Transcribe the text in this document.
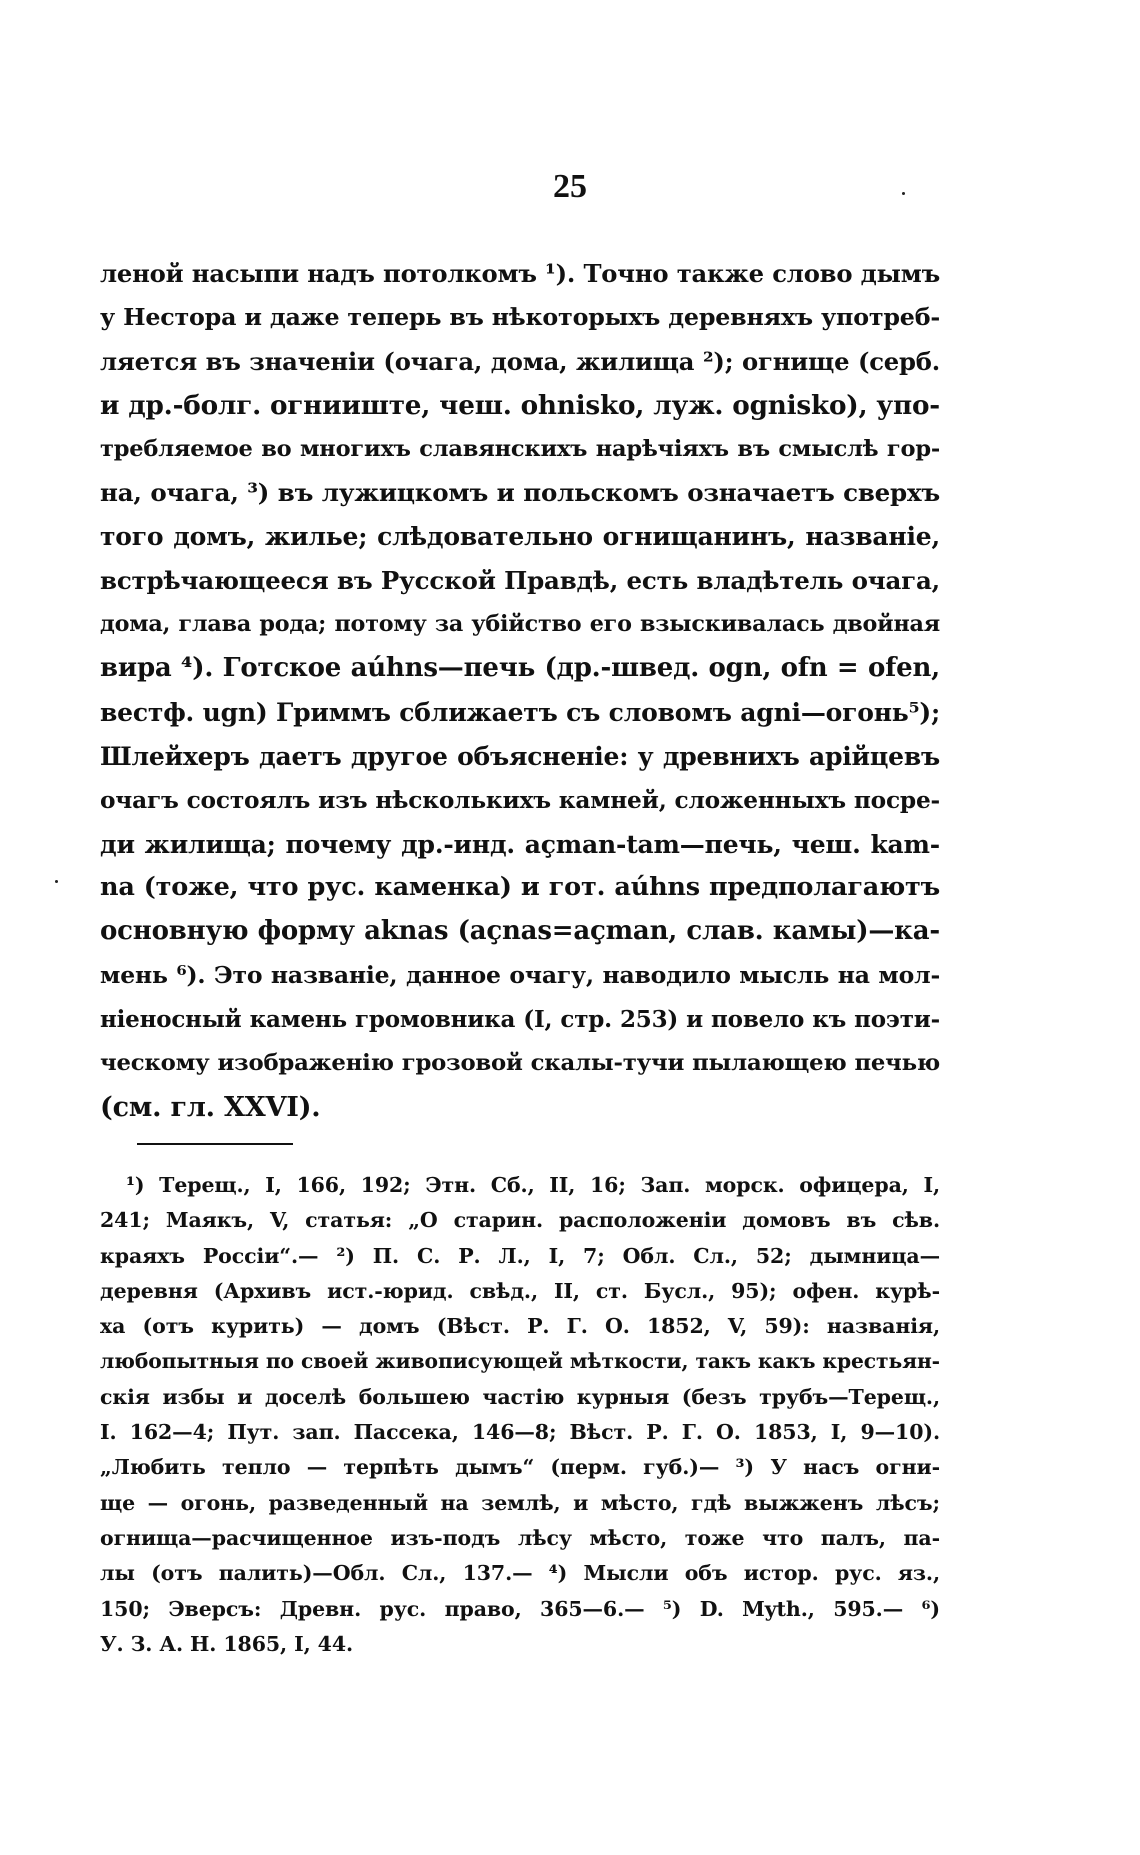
25
леной насыпи надъ потолкомъ ¹). Точно также слово дымъ
у Нестора и даже теперь въ нѣкоторыхъ деревняхъ употреб-
ляется въ значеніи (очага, дома, жилища ²); огнище (серб.
и др.-болг. огнииште, чеш. ohnisko, луж. ognisko), упо-
требляемое во многихъ славянскихъ нарѣчіяхъ въ смыслѣ гор-
на, очага, ³) въ лужицкомъ и польскомъ означаетъ сверхъ
того домъ, жилье; слѣдовательно огнищанинъ, названіе,
встрѣчающееся въ Русской Правдѣ, есть владѣтель очага,
дома, глава рода; потому за убійство его взыскивалась двойная
вира ⁴). Готское aúhns—печь (др.-швед. ogn, ofn = ofen,
вестф. ugn) Гриммъ сближаетъ съ словомъ agni—огонь⁵);
Шлейхеръ даетъ другое объясненіе: у древнихъ арійцевъ
очагъ состоялъ изъ нѣсколькихъ камней, сложенныхъ посре-
ди жилища; почему др.-инд. açman-tam—печь, чеш. kam-
na (тоже, что рус. каменка) и гот. aúhns предполагаютъ
основную форму aknas (açnas=açman, слав. камы)—ка-
мень ⁶). Это названіе, данное очагу, наводило мысль на мол-
ніеносный камень громовника (I, стр. 253) и повело къ поэти-
ческому изображенію грозовой скалы-тучи пылающею печью
(см. гл. XXVI).
¹) Терещ., I, 166, 192; Этн. Сб., II, 16; Зап. морск. офицера, I,
241; Маякъ, V, статья: „О старин. расположеніи домовъ въ сѣв.
краяхъ Россіи“.— ²) П. С. Р. Л., I, 7; Обл. Сл., 52; дымница—
деревня (Архивъ ист.-юрид. свѣд., II, ст. Бусл., 95); офен. курѣ-
ха (отъ курить) — домъ (Вѣст. Р. Г. О. 1852, V, 59): названія,
любопытныя по своей живописующей мѣткости, такъ какъ крестьян-
скія избы и доселѣ большею частію курныя (безъ трубъ—Терещ.,
I. 162—4; Пут. зап. Пассека, 146—8; Вѣст. Р. Г. О. 1853, I, 9—10).
„Любить тепло — терпѣть дымъ“ (перм. губ.)— ³) У насъ огни-
ще — огонь, разведенный на землѣ, и мѣсто, гдѣ выжженъ лѣсъ;
огнища—расчищенное изъ-подъ лѣсу мѣсто, тоже что палъ, па-
лы (отъ палить)—Обл. Сл., 137.— ⁴) Мысли объ истор. рус. яз.,
150; Эверсъ: Древн. рус. право, 365—6.— ⁵) D. Myth., 595.— ⁶)
У. З. А. Н. 1865, I, 44.
